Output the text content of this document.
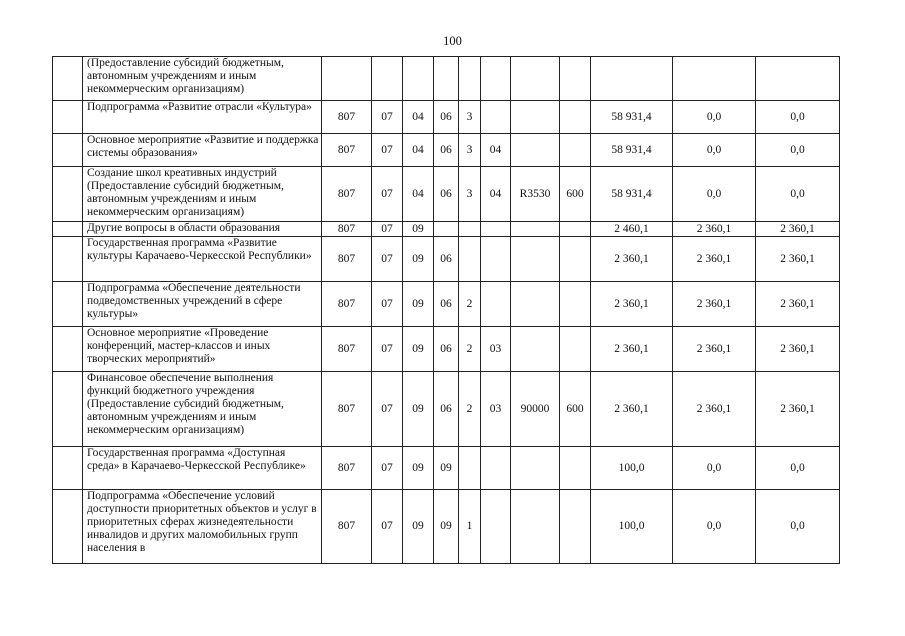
100
	(Предоставление субсидий бюджетным, автономным учреждениям и иным некоммерческим организациям)											
	Подпрограмма «Развитие отрасли «Культура»	807	07	04	06	3				58 931,4	0,0	0,0
	Основное мероприятие «Развитие и поддержка системы образования»	807	07	04	06	3	04			58 931,4	0,0	0,0
	Создание школ креативных индустрий (Предоставление субсидий бюджетным, автономным учреждениям и иным некоммерческим организациям)	807	07	04	06	3	04	R3530	600	58 931,4	0,0	0,0
	Другие вопросы в области образования	807	07	09						2 460,1	2 360,1	2 360,1
	Государственная программа «Развитие культуры Карачаево-Черкесской Республики»	807	07	09	06					2 360,1	2 360,1	2 360,1
	Подпрограмма «Обеспечение деятельности подведомственных учреждений в сфере культуры»	807	07	09	06	2				2 360,1	2 360,1	2 360,1
	Основное мероприятие «Проведение конференций, мастер-классов и иных творческих мероприятий»	807	07	09	06	2	03			2 360,1	2 360,1	2 360,1
	Финансовое обеспечение выполнения функций бюджетного учреждения (Предоставление субсидий бюджетным, автономным учреждениям и иным некоммерческим организациям)	807	07	09	06	2	03	90000	600	2 360,1	2 360,1	2 360,1
	Государственная программа «Доступная среда» в Карачаево-Черкесской Республике»	807	07	09	09					100,0	0,0	0,0
	Подпрограмма «Обеспечение условий доступности приоритетных объектов и услуг в приоритетных сферах жизнедеятельности инвалидов и других маломобильных групп населения в	807	07	09	09	1				100,0	0,0	0,0
